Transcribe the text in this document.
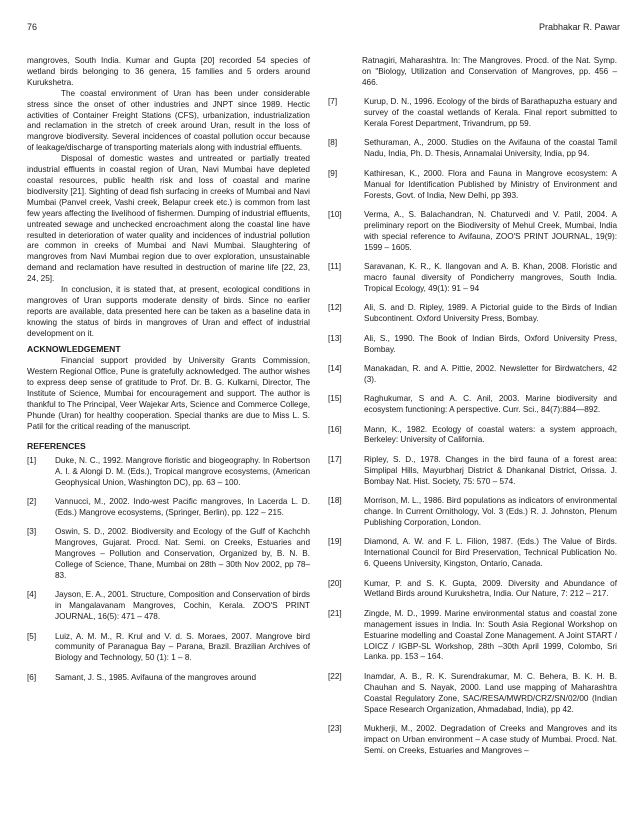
76	Prabhakar R. Pawar

mangroves, South India. Kumar and Gupta [20] recorded 54 species of wetland birds belonging to 36 genera, 15 families and 5 orders around Kurukshetra.

The coastal environment of Uran has been under considerable stress since the onset of other industries and JNPT since 1989. Hectic activities of Container Freight Stations (CFS), urbanization, industrialization and reclamation in the stretch of creek around Uran, result in the loss of mangrove biodiversity. Several incidences of coastal pollution occur because of leakage/discharge of transporting materials along with industrial effluents.

Disposal of domestic wastes and untreated or partially treated industrial effluents in coastal region of Uran, Navi Mumbai have depleted coastal resources, public health risk and loss of coastal and marine biodiversity [21]. Sighting of dead fish surfacing in creeks of Mumbai and Navi Mumbai (Panvel creek, Vashi creek, Belapur creek etc.) is common from last few years affecting the livelihood of fishermen. Dumping of industrial effluents, untreated sewage and unchecked encroachment along the coastal line have resulted in deterioration of water quality and incidences of industrial pollution are common in creeks of Mumbai and Navi Mumbai. Slaughtering of mangroves from Navi Mumbai region due to over exploration, unsustainable demand and reclamation have resulted in destruction of marine life [22, 23, 24, 25].

In conclusion, it is stated that, at present, ecological conditions in mangroves of Uran supports moderate density of birds. Since no earlier reports are available, data presented here can be taken as a baseline data in knowing the status of birds in mangroves of Uran and effect of industrial development on it.

ACKNOWLEDGEMENT

Financial support provided by University Grants Commission, Western Regional Office, Pune is gratefully acknowledged. The author wishes to express deep sense of gratitude to Prof. Dr. B. G. Kulkarni, Director, The Institute of Science, Mumbai for encouragement and support. The author is thankful to The Principal, Veer Wajekar Arts, Science and Commerce College, Phunde (Uran) for healthy cooperation. Special thanks are due to Miss L. S. Patil for the critical reading of the manuscript.

REFERENCES
[1]	Duke, N. C., 1992. Mangrove floristic and biogeography. In Robertson A. I. & Alongi D. M. (Eds.), Tropical mangrove ecosystems, (American Geophysical Union, Washington DC), pp. 63 – 100.
[2]	Vannucci, M., 2002. Indo-west Pacific mangroves, In Lacerda L. D. (Eds.) Mangrove ecosystems, (Springer, Berlin), pp. 122 – 215.
[3]	Oswin, S. D., 2002. Biodiversity and Ecology of the Gulf of Kachchh Mangroves, Gujarat. Procd. Nat. Semi. on Creeks, Estuaries and Mangroves – Pollution and Conservation, Organized by, B. N. B. College of Science, Thane, Mumbai on 28th – 30th Nov 2002, pp 78–83.
[4]	Jayson, E. A., 2001. Structure, Composition and Conservation of birds in Mangalavanam Mangroves, Cochin, Kerala. ZOO'S PRINT JOURNAL, 16(5): 471 – 478.
[5]	Luiz, A. M. M., R. Krul and V. d. S. Moraes, 2007. Mangrove bird community of Paranagua Bay – Parana, Brazil. Brazilian Archives of Biology and Technology, 50 (1): 1 – 8.
[6]	Samant, J. S., 1985. Avifauna of the mangroves around

Ratnagiri, Maharashtra. In: The Mangroves. Procd. of the Nat. Symp. on "Biology, Utilization and Conservation of Mangroves, pp. 456 – 466.

[7]	Kurup, D. N., 1996. Ecology of the birds of Barathapuzha estuary and survey of the coastal wetlands of Kerala. Final report submitted to Kerala Forest Department, Trivandrum, pp 59.
[8]	Sethuraman, A., 2000. Studies on the Avifauna of the coastal Tamil Nadu, India, Ph. D. Thesis, Annamalai University, India, pp 94.
[9]	Kathiresan, K., 2000. Flora and Fauna in Mangrove ecosystem: A Manual for Identification Published by Ministry of Environment and Forests, Govt. of India, New Delhi, pp 393.
[10]	Verma, A., S. Balachandran, N. Chaturvedi and V. Patil, 2004. A preliminary report on the Biodiversity of Mehul Creek, Mumbai, India with special reference to Avifauna, ZOO'S PRINT JOURNAL, 19(9): 1599 – 1605.
[11]	Saravanan, K. R., K. Ilangovan and A. B. Khan, 2008. Floristic and macro faunal diversity of Pondicherry mangroves, South India. Tropical Ecology, 49(1): 91 – 94
[12]	Ali, S. and D. Ripley, 1989. A Pictorial guide to the Birds of Indian Subcontinent. Oxford University Press, Bombay.
[13]	Ali, S., 1990. The Book of Indian Birds, Oxford University Press, Bombay.
[14]	Manakadan, R. and A. Pittie, 2002. Newsletter for Birdwatchers, 42 (3).
[15]	Raghukumar, S and A. C. Anil, 2003. Marine biodiversity and ecosystem functioning: A perspective. Curr. Sci., 84(7):884—892.
[16]	Mann, K., 1982. Ecology of coastal waters: a system approach, Berkeley: University of California.
[17]	Ripley, S. D., 1978. Changes in the bird fauna of a forest area: Simplipal Hills, Mayurbharj District & Dhankanal District, Orissa. J. Bombay Nat. Hist. Society, 75: 570 – 574.
[18]	Morrison, M. L., 1986. Bird populations as indicators of environmental change. In Current Ornithology, Vol. 3 (Eds.) R. J. Johnston, Plenum Publishing Corporation, London.
[19]	Diamond, A. W. and F. L. Filion, 1987. (Eds.) The Value of Birds. International Council for Bird Preservation, Technical Publication No. 6. Queens University, Kingston, Ontario, Canada.
[20]	Kumar, P. and S. K. Gupta, 2009. Diversity and Abundance of Wetland Birds around Kurukshetra, India. Our Nature, 7: 212 – 217.
[21]	Zingde, M. D., 1999. Marine environmental status and coastal zone management issues in India. In: South Asia Regional Workshop on Estuarine modelling and Coastal Zone Management. A Joint START / LOICZ / IGBP-SL Workshop, 28th –30th April 1999, Colombo, Sri Lanka. pp. 153 – 164.
[22]	Inamdar, A. B., R. K. Surendrakumar, M. C. Behera, B. K. H. B. Chauhan and S. Nayak, 2000. Land use mapping of Maharashtra Coastal Regulatory Zone, SAC/RESA/MWRD/CRZ/SN/02/00 (Indian Space Research Organization, Ahmadabad, India), pp 42.
[23]	Mukherji, M., 2002. Degradation of Creeks and Mangroves and its impact on Urban environment – A case study of Mumbai. Procd. Nat. Semi. on Creeks, Estuaries and Mangroves –
